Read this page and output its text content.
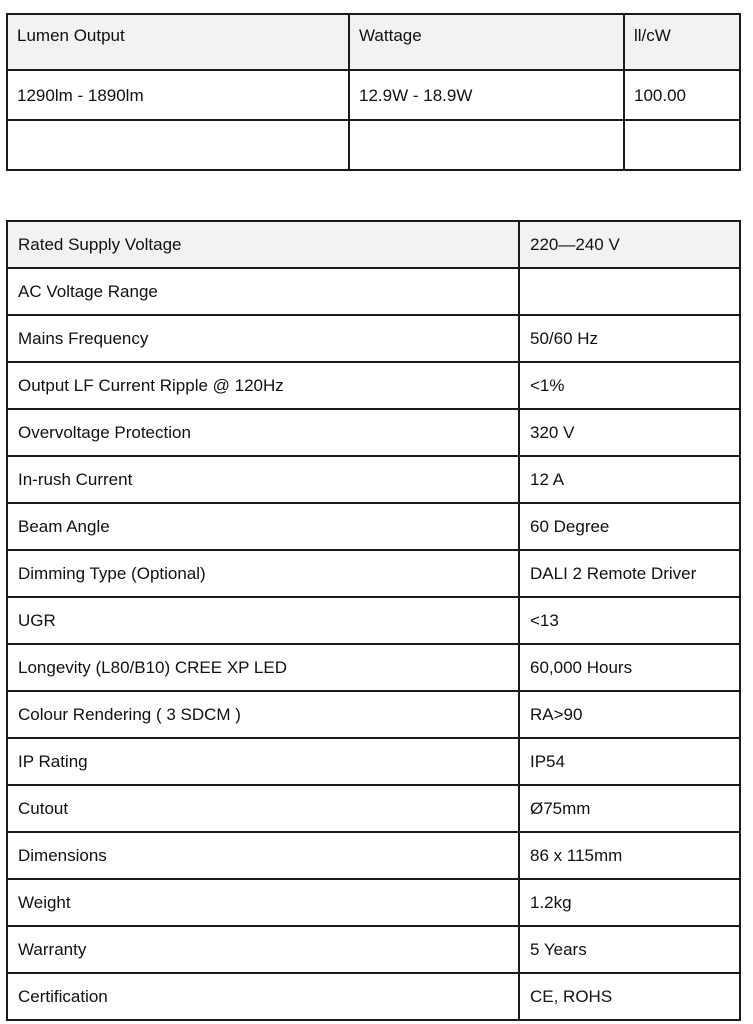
Lumen Output	Wattage	ll/cW
1290lm - 1890lm	12.9W - 18.9W	100.00

Rated Supply Voltage	220—240 V
AC Voltage Range	
Mains Frequency	50/60 Hz
Output LF Current Ripple @ 120Hz	<1%
Overvoltage Protection	320 V
In-rush Current	12 A
Beam Angle	60 Degree
Dimming Type (Optional)	DALI 2 Remote Driver
UGR	<13
Longevity (L80/B10) CREE XP LED	60,000 Hours
Colour Rendering ( 3 SDCM )	RA>90
IP Rating	IP54
Cutout	Ø75mm
Dimensions	86 x 115mm
Weight	1.2kg
Warranty	5 Years
Certification	CE, ROHS
